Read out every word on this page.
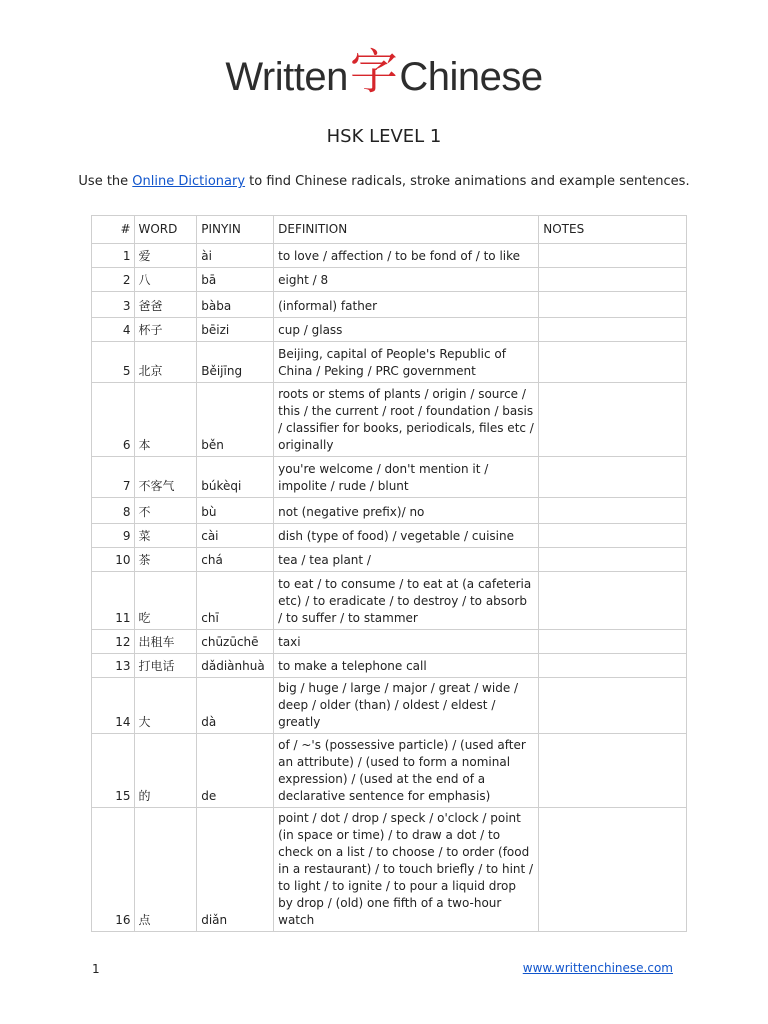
Written字Chinese
HSK LEVEL 1
Use the Online Dictionary to find Chinese radicals, stroke animations and example sentences.
#	WORD	PINYIN	DEFINITION	NOTES
1	爱	ài	to love / affection / to be fond of / to like	
2	八	bā	eight / 8	
3	爸爸	bàba	(informal) father	
4	杯子	bēizi	cup / glass	
5	北京	Běijīng	Beijing, capital of People's Republic of China / Peking / PRC government	
6	本	běn	roots or stems of plants / origin / source / this / the current / root / foundation / basis / classifier for books, periodicals, files etc / originally	
7	不客气	búkèqi	you're welcome / don't mention it / impolite / rude / blunt	
8	不	bù	not (negative prefix)/ no	
9	菜	cài	dish (type of food) / vegetable / cuisine	
10	茶	chá	tea / tea plant /	
11	吃	chī	to eat / to consume / to eat at (a cafeteria etc) / to eradicate / to destroy / to absorb / to suffer / to stammer	
12	出租车	chūzūchē	taxi	
13	打电话	dǎdiànhuà	to make a telephone call	
14	大	dà	big / huge / large / major / great / wide / deep / older (than) / oldest / eldest / greatly	
15	的	de	of / ~'s (possessive particle) / (used after an attribute) / (used to form a nominal expression) / (used at the end of a declarative sentence for emphasis)	
16	点	diǎn	point / dot / drop / speck / o'clock / point (in space or time) / to draw a dot / to check on a list / to choose / to order (food in a restaurant) / to touch briefly / to hint / to light / to ignite / to pour a liquid drop by drop / (old) one fifth of a two-hour watch	
1	www.writtenchinese.com
